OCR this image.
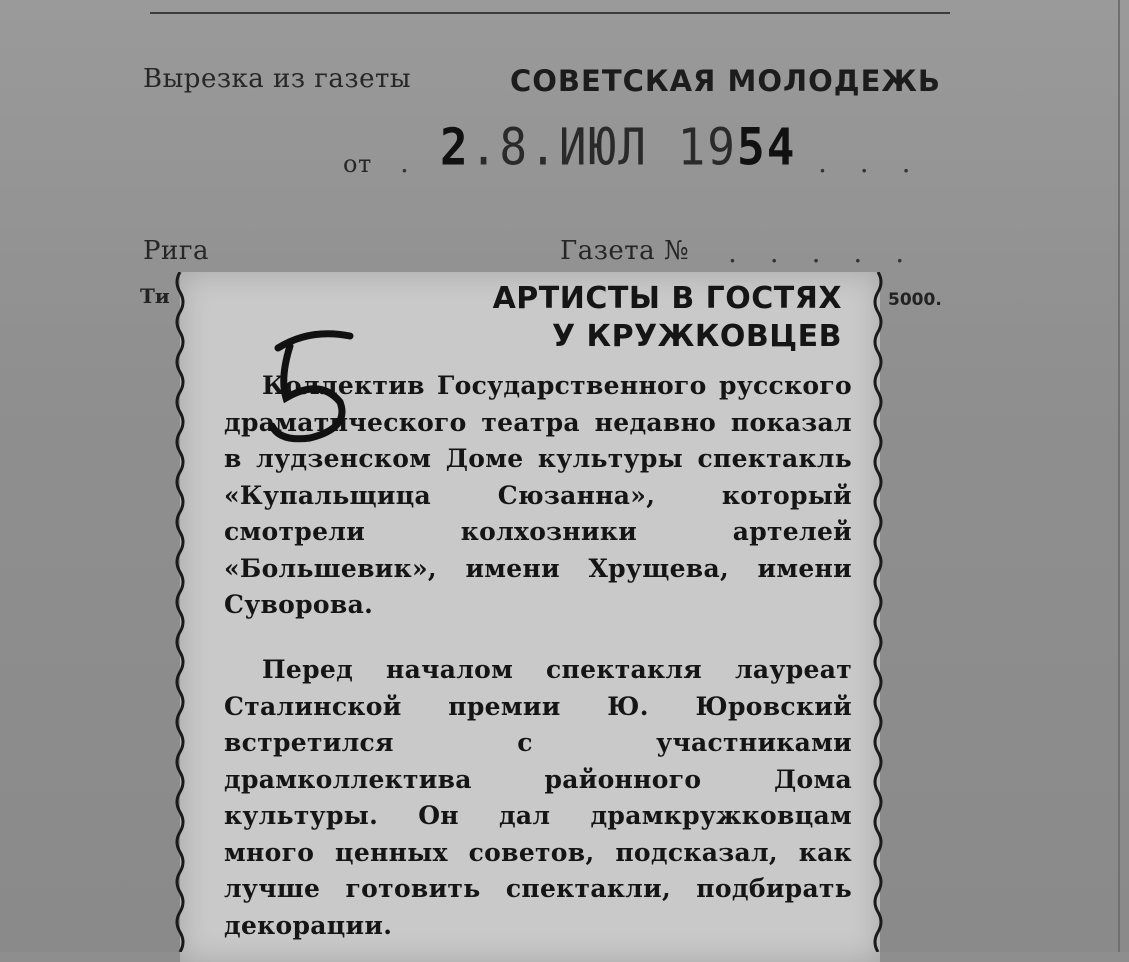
Вырезка из газеты	СОВЕТСКАЯ МОЛОДЕЖЬ
от . 2.8.ИЮЛ 1954 . . .
Рига	Газета № . . . . .
Ти	5000.
АРТИСТЫ В ГОСТЯХ
У КРУЖКОВЦЕВ
Коллектив Государственного русского драматического театра недавно показал в лудзенском Доме культуры спектакль «Купальщица Сюзанна», который смотрели колхозники артелей «Большевик», имени Хрущева, имени Суворова.
Перед началом спектакля лауреат Сталинской премии Ю. Юровский встретился с участниками драмколлектива районного Дома культуры. Он дал драмкружковцам много ценных советов, подсказал, как лучше готовить спектакли, подбирать декорации.
